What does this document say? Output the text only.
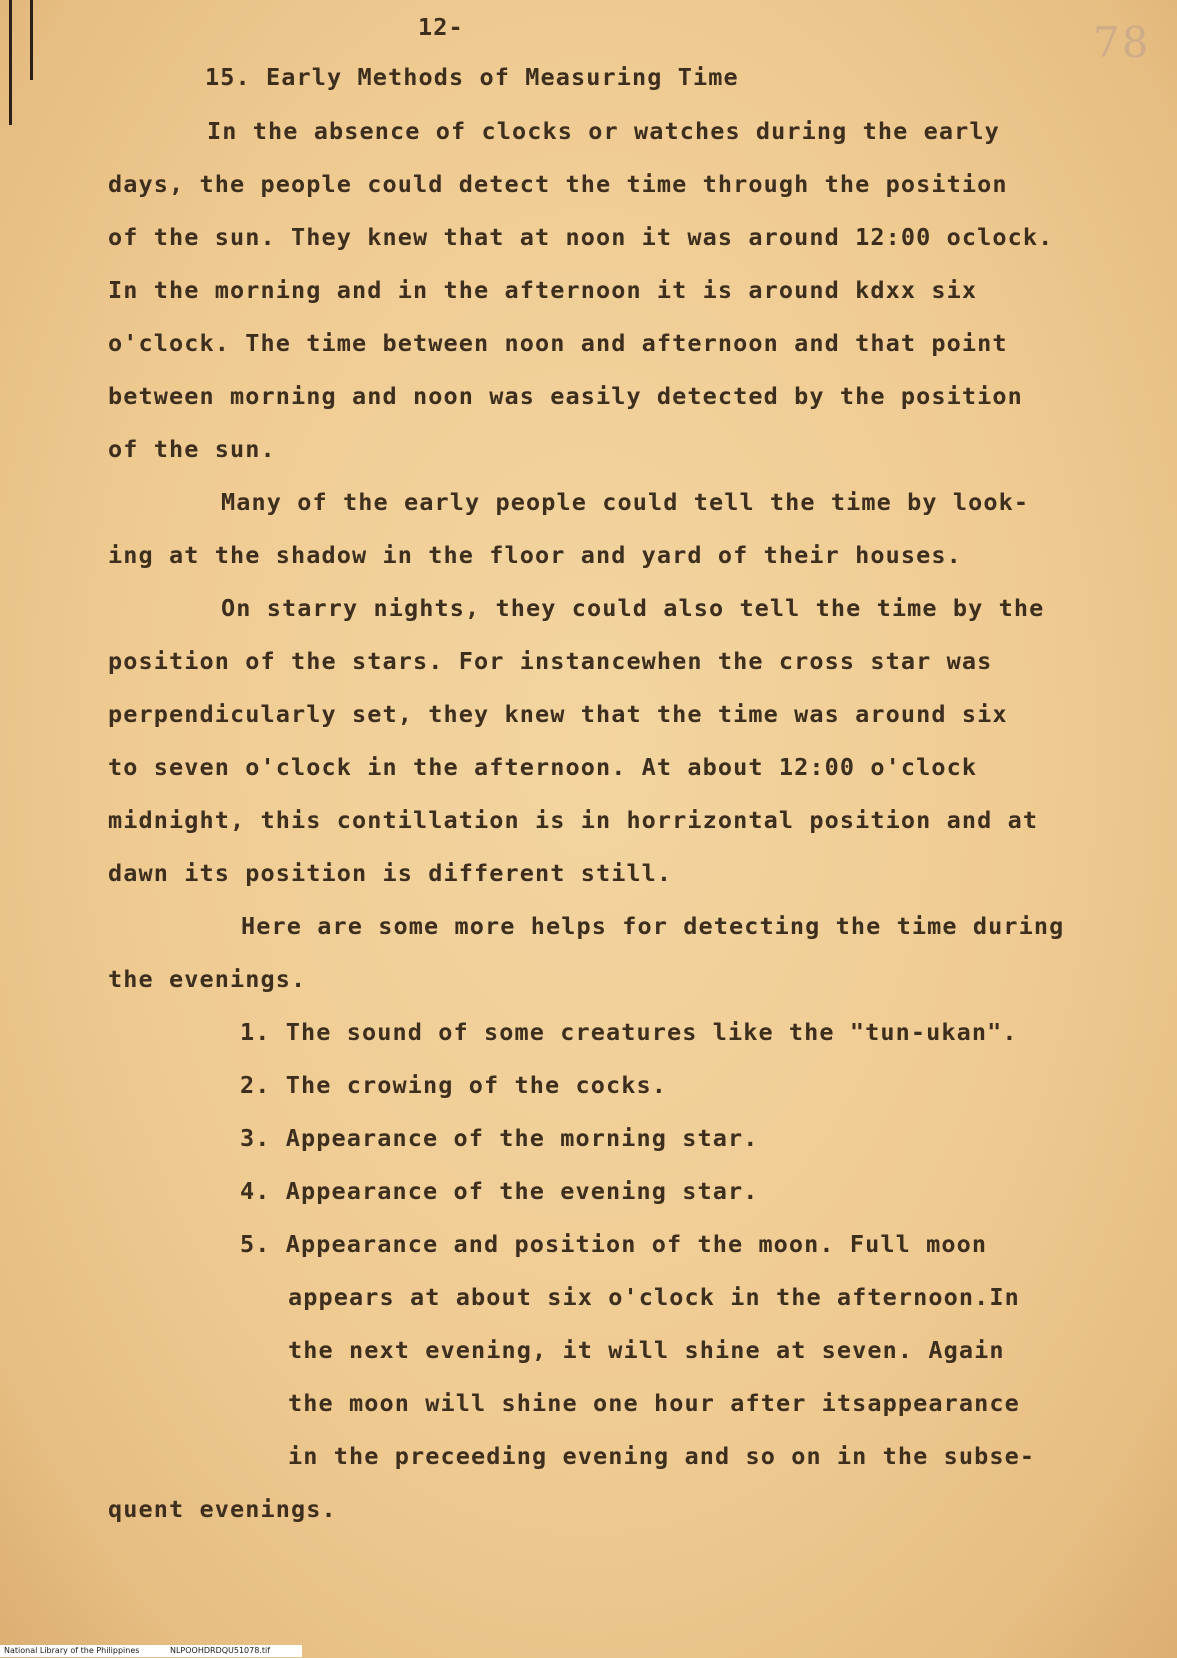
12-	78
15. Early Methods of Measuring Time
In the absence of clocks or watches during the early
days, the people could detect the time through the position
of the sun. They knew that at noon it was around 12:00 oclock.
In the morning and in the afternoon it is around kdxx six
o'clock. The time between noon and afternoon and that point
between morning and noon was easily detected by the position
of the sun.
Many of the early people could tell the time by look-
ing at the shadow in the floor and yard of their houses.
On starry nights, they could also tell the time by the
position of the stars. For instancewhen the cross star was
perpendicularly set, they knew that the time was around six
to seven o'clock in the afternoon. At about 12:00 o'clock
midnight, this contillation is in horrizontal position and at
dawn its position is different still.
Here are some more helps for detecting the time during
the evenings.
1. The sound of some creatures like the "tun-ukan".
2. The crowing of the cocks.
3. Appearance of the morning star.
4. Appearance of the evening star.
5. Appearance and position of the moon. Full moon
appears at about six o'clock in the afternoon.In
the next evening, it will shine at seven. Again
the moon will shine one hour after itsappearance
in the preceeding evening and so on in the subse-
quent evenings.
National Library of the Philippines	NLPOOHDRDQU51078.tif
